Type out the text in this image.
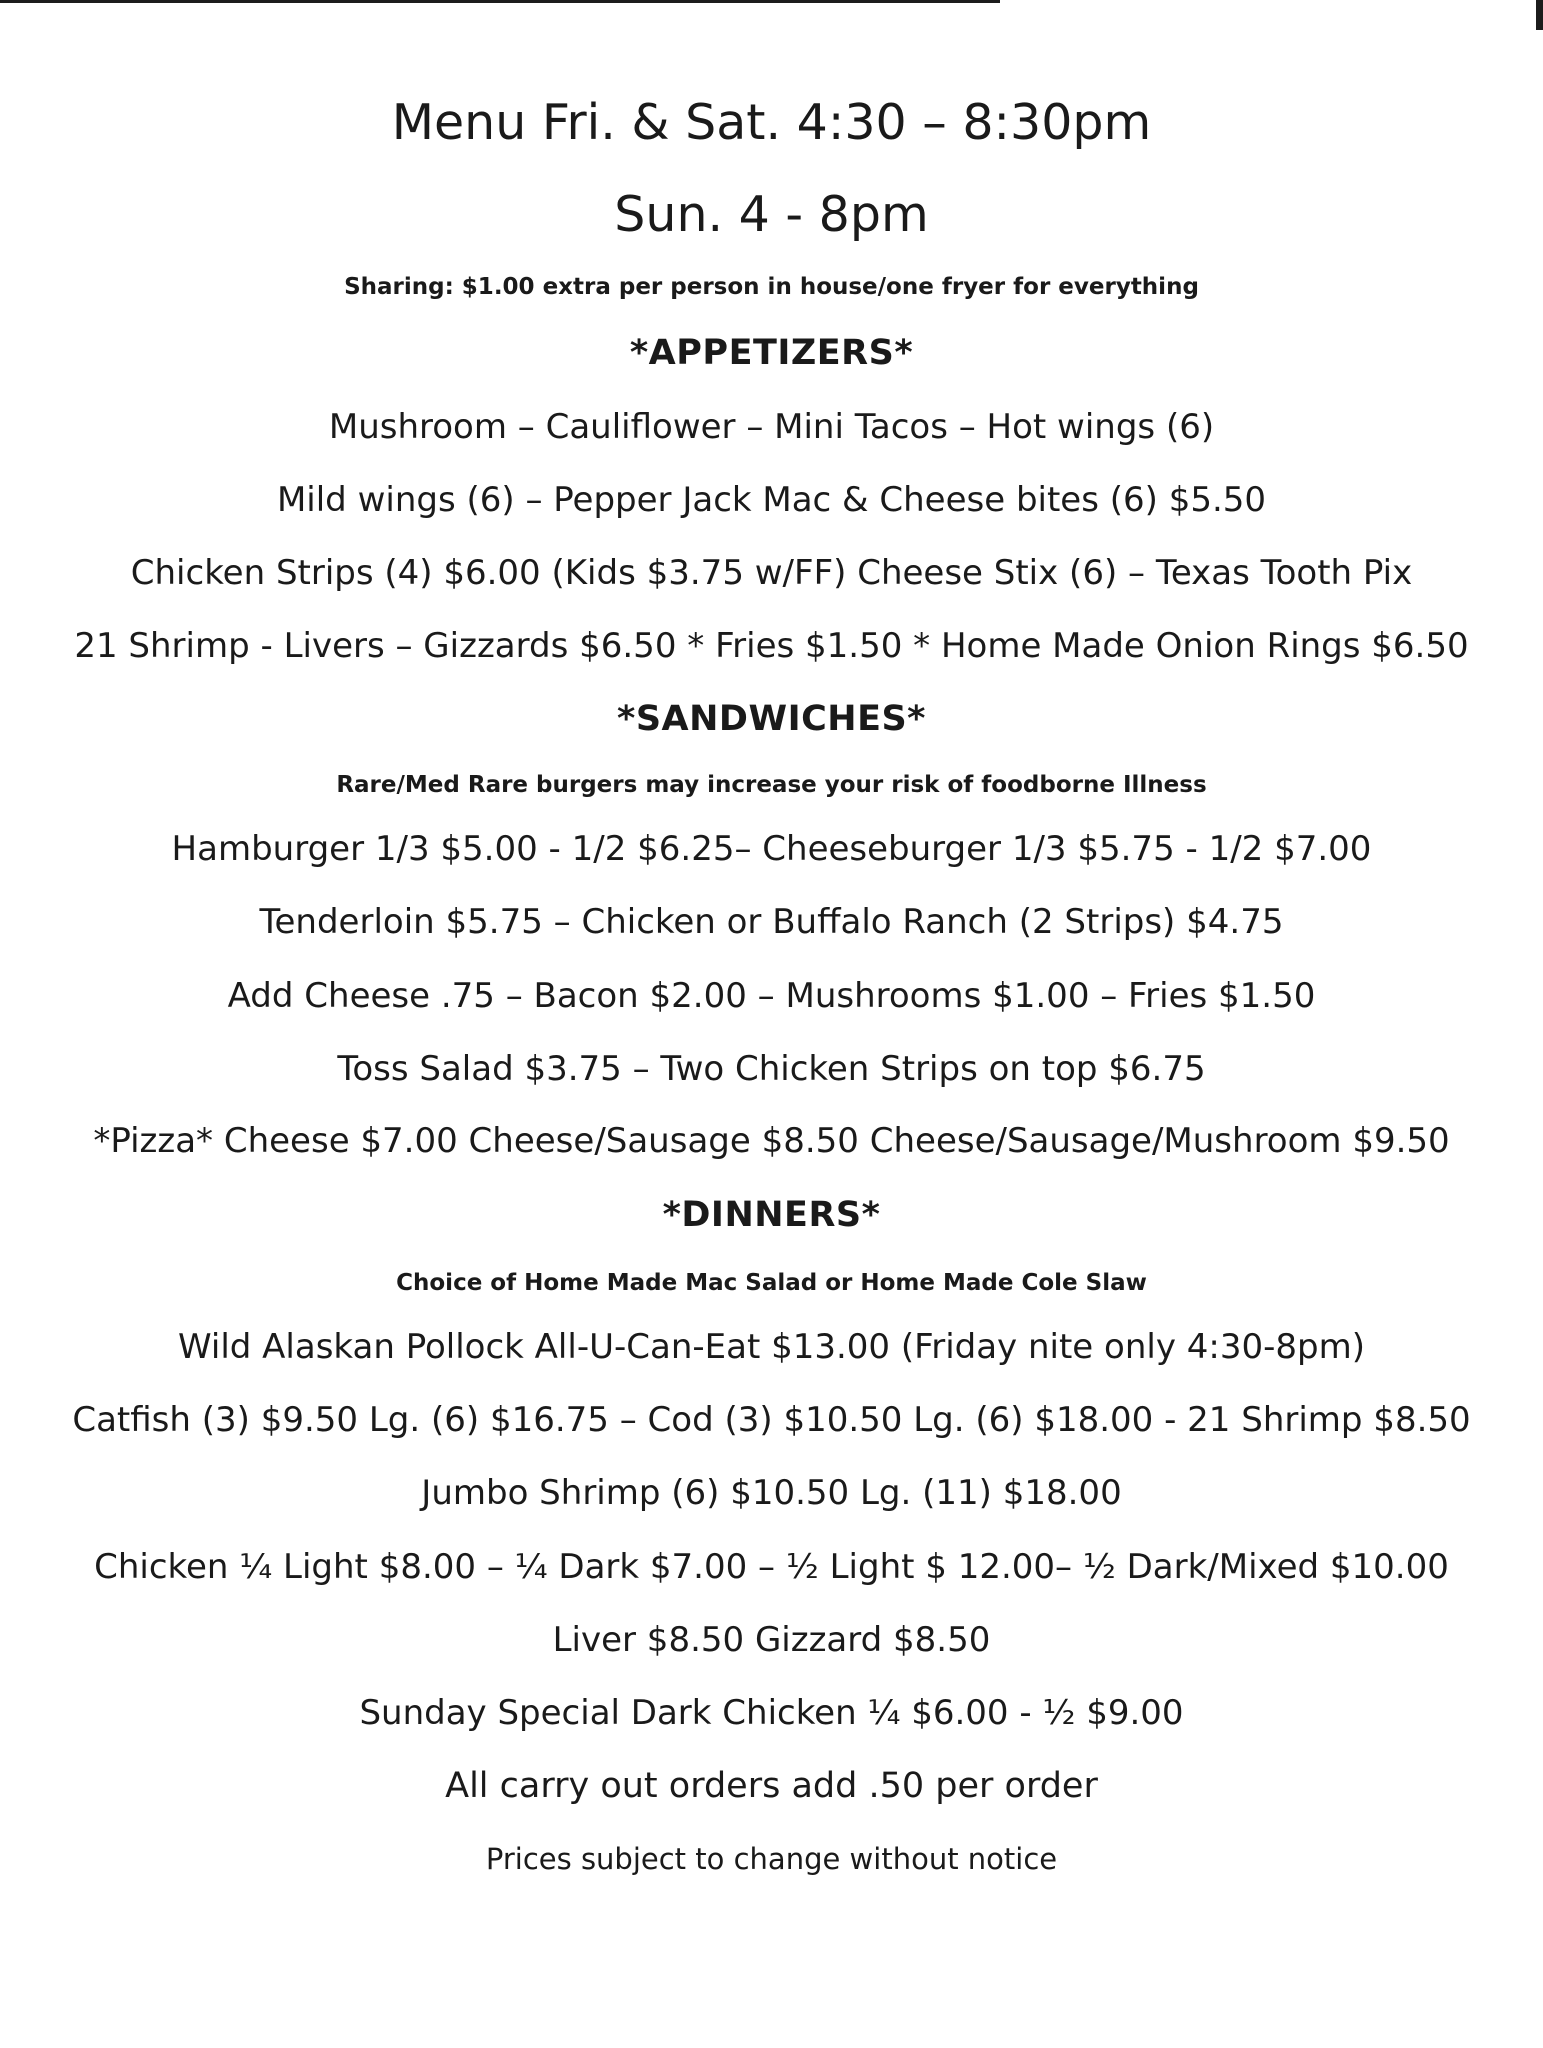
Menu Fri. & Sat. 4:30 – 8:30pm
Sun. 4 - 8pm
Sharing: $1.00 extra per person in house/one fryer for everything
*APPETIZERS*
Mushroom – Cauliflower – Mini Tacos – Hot wings (6)
Mild wings (6) – Pepper Jack Mac & Cheese bites (6) $5.50
Chicken Strips (4) $6.00 (Kids $3.75 w/FF) Cheese Stix (6) – Texas Tooth Pix
21 Shrimp - Livers – Gizzards $6.50 * Fries $1.50 * Home Made Onion Rings $6.50
*SANDWICHES*
Rare/Med Rare burgers may increase your risk of foodborne Illness
Hamburger 1/3 $5.00 - 1/2 $6.25– Cheeseburger 1/3 $5.75 - 1/2 $7.00
Tenderloin $5.75 – Chicken or Buffalo Ranch (2 Strips) $4.75
Add Cheese .75 – Bacon $2.00 – Mushrooms $1.00 – Fries $1.50
Toss Salad $3.75 – Two Chicken Strips on top $6.75
*Pizza* Cheese $7.00 Cheese/Sausage $8.50 Cheese/Sausage/Mushroom $9.50
*DINNERS*
Choice of Home Made Mac Salad or Home Made Cole Slaw
Wild Alaskan Pollock All-U-Can-Eat $13.00 (Friday nite only 4:30-8pm)
Catfish (3) $9.50 Lg. (6) $16.75 – Cod (3) $10.50 Lg. (6) $18.00 - 21 Shrimp $8.50
Jumbo Shrimp (6) $10.50 Lg. (11) $18.00
Chicken ¼ Light $8.00 – ¼ Dark $7.00 – ½ Light $ 12.00– ½ Dark/Mixed $10.00
Liver $8.50 Gizzard $8.50
Sunday Special Dark Chicken ¼ $6.00 - ½ $9.00
All carry out orders add .50 per order
Prices subject to change without notice
